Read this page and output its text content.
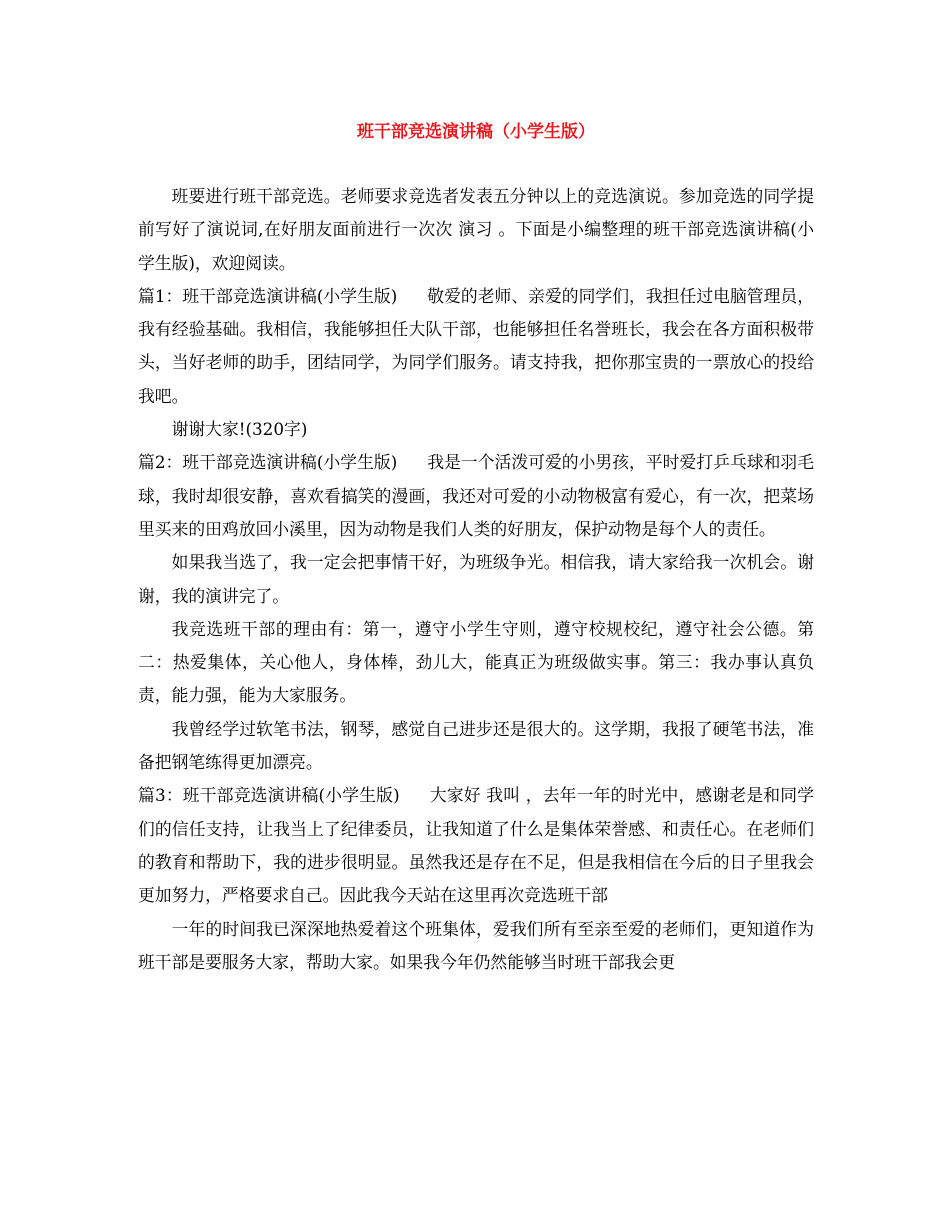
班干部竞选演讲稿（小学生版）

班要进行班干部竞选。老师要求竞选者发表五分钟以上的竞选演说。参加竞选的同学提前写好了演说词,在好朋友面前进行一次次 演习 。下面是小编整理的班干部竞选演讲稿(小学生版)，欢迎阅读。

篇1：班干部竞选演讲稿(小学生版) 敬爱的老师、亲爱的同学们，我担任过电脑管理员，我有经验基础。我相信，我能够担任大队干部，也能够担任名誉班长，我会在各方面积极带头，当好老师的助手，团结同学，为同学们服务。请支持我，把你那宝贵的一票放心的投给我吧。

谢谢大家!(320字)

篇2：班干部竞选演讲稿(小学生版) 我是一个活泼可爱的小男孩，平时爱打乒乓球和羽毛球，我时却很安静，喜欢看搞笑的漫画，我还对可爱的小动物极富有爱心，有一次，把菜场里买来的田鸡放回小溪里，因为动物是我们人类的好朋友，保护动物是每个人的责任。

如果我当选了，我一定会把事情干好，为班级争光。相信我，请大家给我一次机会。谢谢，我的演讲完了。

我竞选班干部的理由有：第一，遵守小学生守则，遵守校规校纪，遵守社会公德。第二：热爱集体，关心他人，身体棒，劲儿大，能真正为班级做实事。第三：我办事认真负责，能力强，能为大家服务。

我曾经学过软笔书法，钢琴，感觉自己进步还是很大的。这学期，我报了硬笔书法，准备把钢笔练得更加漂亮。

篇3：班干部竞选演讲稿(小学生版) 大家好 我叫 ，去年一年的时光中，感谢老是和同学们的信任支持，让我当上了纪律委员，让我知道了什么是集体荣誉感、和责任心。在老师们的教育和帮助下，我的进步很明显。虽然我还是存在不足，但是我相信在今后的日子里我会更加努力，严格要求自己。因此我今天站在这里再次竞选班干部

一年的时间我已深深地热爱着这个班集体，爱我们所有至亲至爱的老师们，更知道作为班干部是要服务大家，帮助大家。如果我今年仍然能够当时班干部我会更
